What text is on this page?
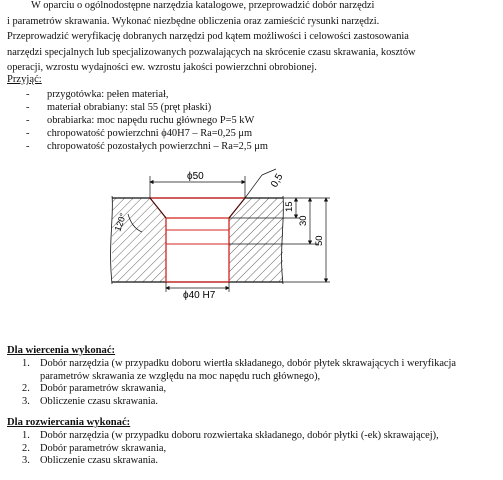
W oparciu o ogólnodostępne narzędzia katalogowe, przeprowadzić dobór narzędzi
i parametrów skrawania. Wykonać niezbędne obliczenia oraz zamieścić rysunki narzędzi.

Przeprowadzić weryfikację dobranych narzędzi pod kątem możliwości i celowości zastosowania
narzędzi specjalnych lub specjalizowanych pozwalających na skrócenie czasu skrawania, kosztów
operacji, wzrostu wydajności ew. wzrostu jakości powierzchni obrobionej.

Przyjąć:
- przygotówka: pełen materiał,
- materiał obrabiany: stal 55 (pręt płaski)
- obrabiarka: moc napędu ruchu głównego P=5 kW
- chropowatość powierzchni ϕ40H7 – Ra=0,25 μm
- chropowatość pozostałych powierzchni – Ra=2,5 μm
ϕ50	0,5
120°
ϕ40 H7
15
30
50
Dla wiercenia wykonać:
1. Dobór narzędzia (w przypadku doboru wiertła składanego, dobór płytek skrawających i weryfikacja parametrów skrawania ze względu na moc napędu ruch głównego),
2. Dobór parametrów skrawania,
3. Obliczenie czasu skrawania.
Dla rozwiercania wykonać:
1. Dobór narzędzia (w przypadku doboru rozwiertaka składanego, dobór płytki (-ek) skrawającej),
2. Dobór parametrów skrawania,
3. Obliczenie czasu skrawania.
